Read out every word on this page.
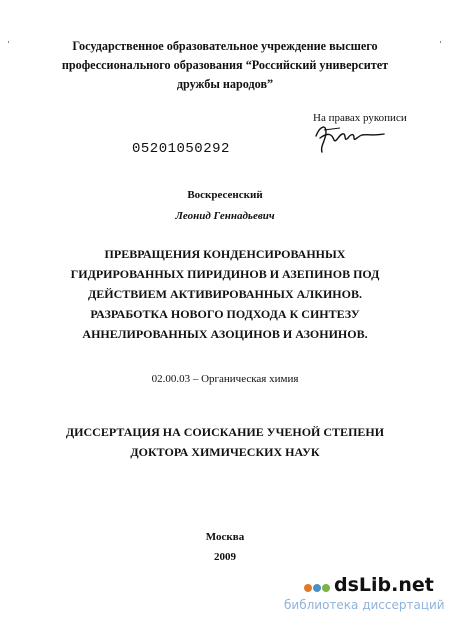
'	'
Государственное образовательное учреждение высшего
профессионального образования “Российский университет
дружбы народов”
На правах рукописи
05201050292
Воскресенский
Леонид Геннадьевич
ПРЕВРАЩЕНИЯ КОНДЕНСИРОВАННЫХ
ГИДРИРОВАННЫХ ПИРИДИНОВ И АЗЕПИНОВ ПОД
ДЕЙСТВИЕМ АКТИВИРОВАННЫХ АЛКИНОВ.
РАЗРАБОТКА НОВОГО ПОДХОДА К СИНТЕЗУ
АННЕЛИРОВАННЫХ АЗОЦИНОВ И АЗОНИНОВ.
02.00.03 – Органическая химия
ДИССЕРТАЦИЯ НА СОИСКАНИЕ УЧЕНОЙ СТЕПЕНИ
ДОКТОРА ХИМИЧЕСКИХ НАУК
Москва
2009
dsLib.net
библиотека диссертаций
